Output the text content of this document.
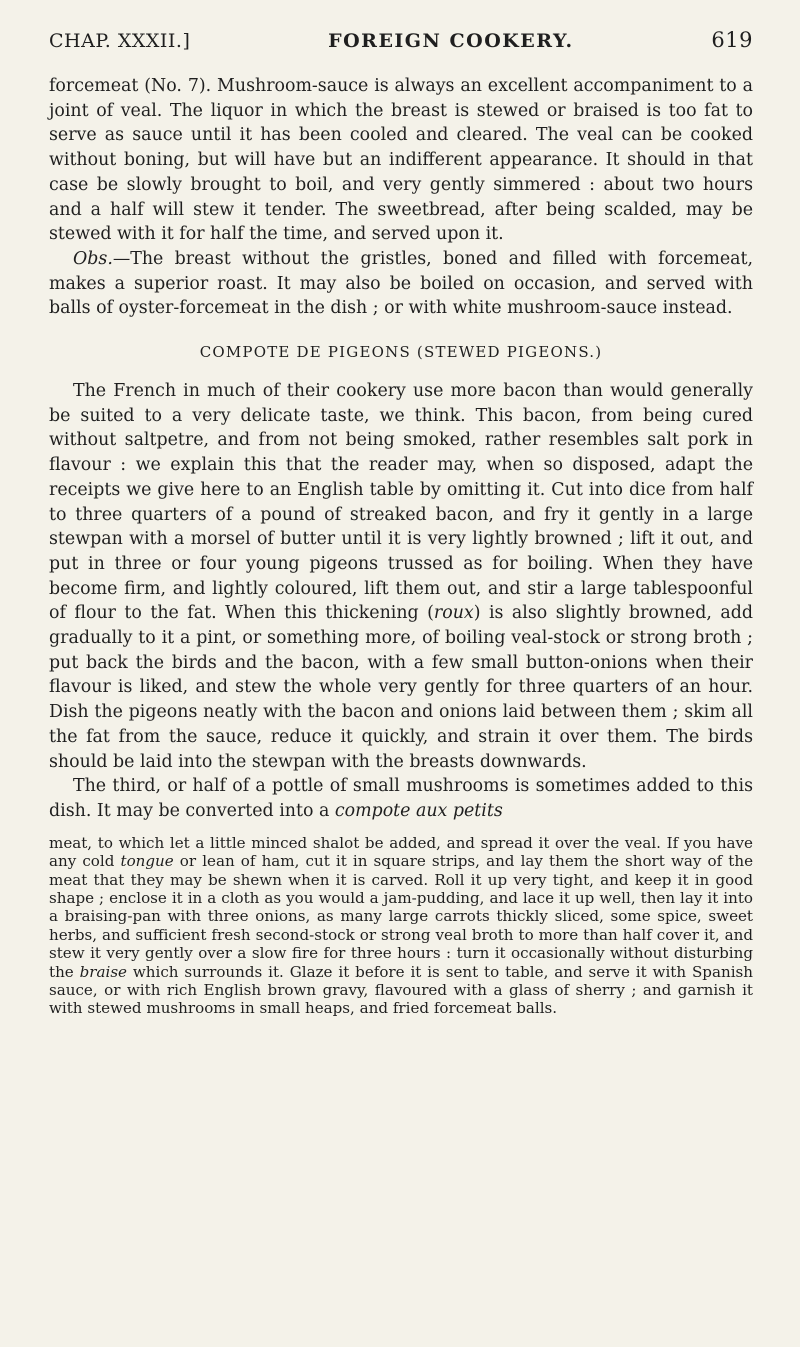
CHAP. XXXII.]	FOREIGN COOKERY.	619

forcemeat (No. 7). Mushroom-sauce is always an excellent accompaniment to a joint of veal. The liquor in which the breast is stewed or braised is too fat to serve as sauce until it has been cooled and cleared. The veal can be cooked without boning, but will have but an indifferent appearance. It should in that case be slowly brought to boil, and very gently simmered : about two hours and a half will stew it tender. The sweetbread, after being scalded, may be stewed with it for half the time, and served upon it.

Obs.—The breast without the gristles, boned and filled with forcemeat, makes a superior roast. It may also be boiled on occasion, and served with balls of oyster-forcemeat in the dish ; or with white mushroom-sauce instead.

COMPOTE DE PIGEONS (STEWED PIGEONS.)

The French in much of their cookery use more bacon than would generally be suited to a very delicate taste, we think. This bacon, from being cured without saltpetre, and from not being smoked, rather resembles salt pork in flavour : we explain this that the reader may, when so disposed, adapt the receipts we give here to an English table by omitting it. Cut into dice from half to three quarters of a pound of streaked bacon, and fry it gently in a large stewpan with a morsel of butter until it is very lightly browned ; lift it out, and put in three or four young pigeons trussed as for boiling. When they have become firm, and lightly coloured, lift them out, and stir a large tablespoonful of flour to the fat. When this thickening (roux) is also slightly browned, add gradually to it a pint, or something more, of boiling veal-stock or strong broth ; put back the birds and the bacon, with a few small button-onions when their flavour is liked, and stew the whole very gently for three quarters of an hour. Dish the pigeons neatly with the bacon and onions laid between them ; skim all the fat from the sauce, reduce it quickly, and strain it over them. The birds should be laid into the stewpan with the breasts downwards.

The third, or half of a pottle of small mushrooms is sometimes added to this dish. It may be converted into a compote aux petits

meat, to which let a little minced shalot be added, and spread it over the veal. If you have any cold tongue or lean of ham, cut it in square strips, and lay them the short way of the meat that they may be shewn when it is carved. Roll it up very tight, and keep it in good shape ; enclose it in a cloth as you would a jam-pudding, and lace it up well, then lay it into a braising-pan with three onions, as many large carrots thickly sliced, some spice, sweet herbs, and sufficient fresh second-stock or strong veal broth to more than half cover it, and stew it very gently over a slow fire for three hours : turn it occasionally without disturbing the braise which surrounds it. Glaze it before it is sent to table, and serve it with Spanish sauce, or with rich English brown gravy, flavoured with a glass of sherry ; and garnish it with stewed mushrooms in small heaps, and fried forcemeat balls.
